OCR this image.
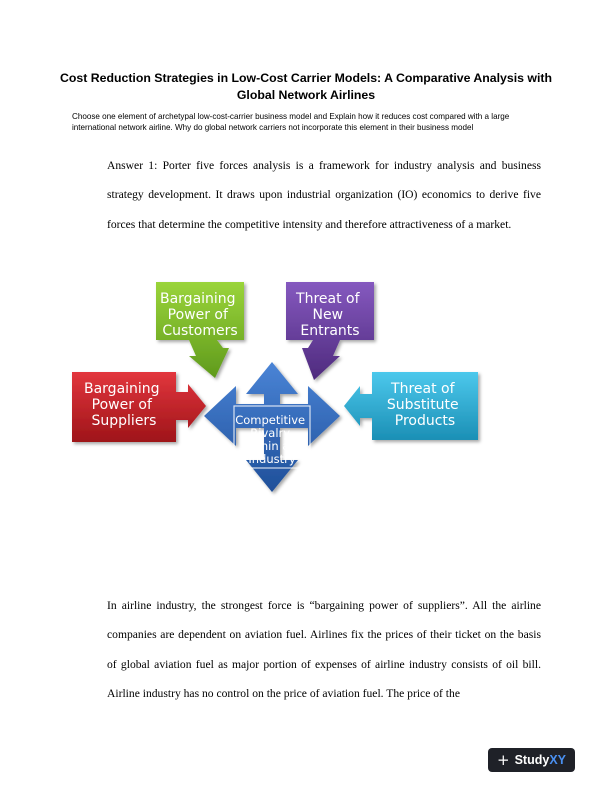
Cost Reduction Strategies in Low-Cost Carrier Models: A Comparative Analysis with Global Network Airlines
Choose one element of archetypal low-cost-carrier business model and Explain how it reduces cost compared with a large international network airline. Why do global network carriers not incorporate this element in their business model
Answer 1: Porter five forces analysis is a framework for industry analysis and business strategy development. It draws upon industrial organization (IO) economics to derive five forces that determine the competitive intensity and therefore attractiveness of a market.
Bargaining Power of Customers
Threat of New Entrants
Bargaining Power of Suppliers
Threat of Substitute Products
Competitive Rivalry within an Industry
In airline industry, the strongest force is “bargaining power of suppliers”. All the airline companies are dependent on aviation fuel. Airlines fix the prices of their ticket on the basis of global aviation fuel as major portion of expenses of airline industry consists of oil bill. Airline industry has no control on the price of aviation fuel. The price of the
+ StudyXY
